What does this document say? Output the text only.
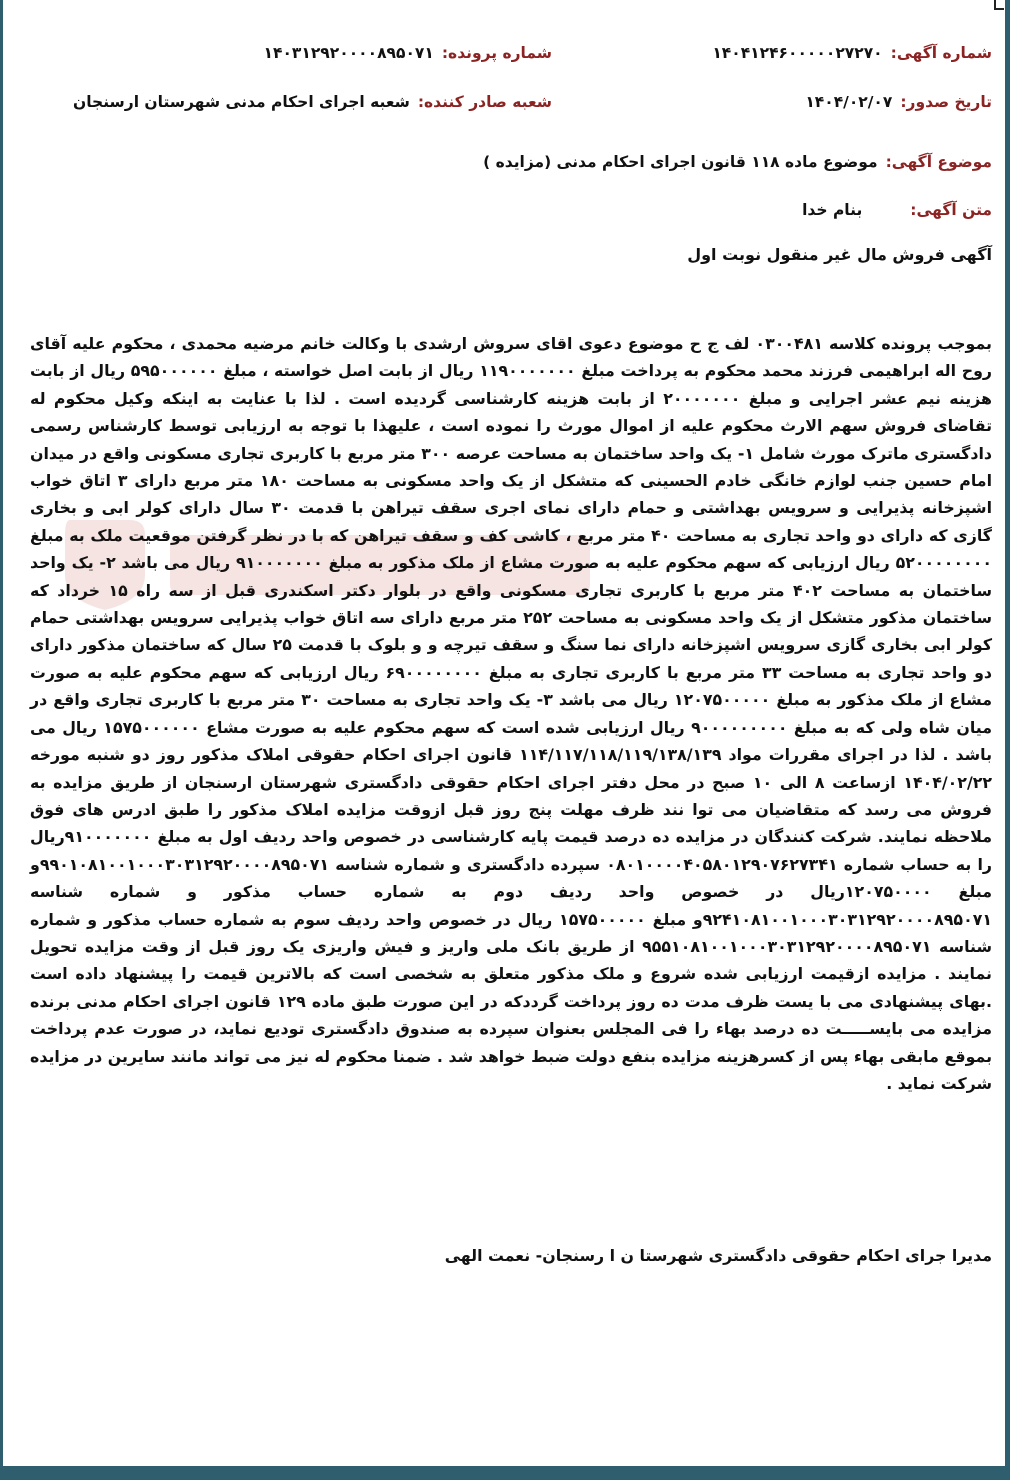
شماره آگهی:
۱۴۰۴۱۲۴۶۰۰۰۰۰۲۷۲۷۰
شماره پرونده:
۱۴۰۳۱۲۹۲۰۰۰۰۸۹۵۰۷۱
تاریخ صدور:
۱۴۰۴/۰۲/۰۷
شعبه صادر کننده:
شعبه اجرای احکام مدنی شهرستان ارسنجان
موضوع آگهی:
موضوع ماده ۱۱۸ قانون اجرای احکام مدنی (مزایده )
متن آگهی:
بنام خدا
آگهی فروش مال غیر منقول نوبت اول
بموجب پرونده کلاسه ۰۳۰۰۴۸۱ لف ج ح موضوع دعوی اقای سروش ارشدی با وکالت خانم مرضیه محمدی ، محکوم علیه آقای روح اله ابراهیمی فرزند محمد محکوم به پرداخت مبلغ ۱۱۹۰۰۰۰۰۰۰ ریال از بابت اصل خواسته ، مبلغ ۵۹۵۰۰۰۰۰۰ ریال از بابت هزینه نیم عشر اجرایی و مبلغ ۲۰۰۰۰۰۰۰ از بابت هزینه کارشناسی گردیده است . لذا با عنایت به اینکه وکیل محکوم له تقاضای فروش سهم الارث محکوم علیه از اموال مورث را نموده است ، علیهذا با توجه به ارزیابی توسط کارشناس رسمی دادگستری ماترک مورث شامل ۱- یک واحد ساختمان به مساحت عرصه ۳۰۰ متر مربع با کاربری تجاری مسکونی واقع در میدان امام حسین جنب لوازم خانگی خادم الحسینی که متشکل از یک واحد مسکونی به مساحت ۱۸۰ متر مربع دارای ۳ اتاق خواب اشپزخانه پذیرایی و سرویس بهداشتی و حمام دارای نمای اجری سقف تیراهن با قدمت ۳۰ سال دارای کولر ابی و بخاری گازی که دارای دو واحد تجاری به مساحت ۴۰ متر مربع ، کاشی کف و سقف تیراهن که با در نظر گرفتن موقعیت ملک به مبلغ ۵۲۰۰۰۰۰۰۰۰ ریال ارزیابی که سهم محکوم علیه به صورت مشاع از ملک مذکور به مبلغ ۹۱۰۰۰۰۰۰۰ ریال می باشد ۲- یک واحد ساختمان به مساحت ۴۰۲ متر مربع با کاربری تجاری مسکونی واقع در بلوار دکتر اسکندری قبل از سه راه ۱۵ خرداد که ساختمان مذکور متشکل از یک واحد مسکونی به مساحت ۲۵۲ متر مربع دارای سه اتاق خواب پذیرایی سرویس بهداشتی حمام کولر ابی بخاری گازی سرویس اشپزخانه دارای نما سنگ و سقف تیرچه و و بلوک با قدمت ۲۵ سال که ساختمان مذکور دارای دو واحد تجاری به مساحت ۳۳ متر مربع با کاربری تجاری به مبلغ ۶۹۰۰۰۰۰۰۰۰ ریال ارزیابی که سهم محکوم علیه به صورت مشاع از ملک مذکور به مبلغ ۱۲۰۷۵۰۰۰۰۰ ریال می باشد ۳- یک واحد تجاری به مساحت ۳۰ متر مربع با کاربری تجاری واقع در میان شاه ولی که به مبلغ ۹۰۰۰۰۰۰۰۰۰ ریال ارزیابی شده است که سهم محکوم علیه به صورت مشاع ۱۵۷۵۰۰۰۰۰۰ ریال می باشد . لذا در اجرای مقررات مواد ۱۱۴/۱۱۷/۱۱۸/۱۱۹/۱۳۸/۱۳۹ قانون اجرای احکام حقوقی املاک مذکور روز دو شنبه مورخه ۱۴۰۴/۰۲/۲۲ ازساعت ۸ الی ۱۰ صبح در محل دفتر اجرای احکام حقوقی دادگستری شهرستان ارسنجان از طریق مزایده به فروش می رسد که متقاضیان می توا نند ظرف مهلت پنج روز قبل ازوقت مزایده املاک مذکور را طبق ادرس های فوق ملاحظه نمایند. شرکت کنندگان در مزایده ده درصد قیمت پایه کارشناسی در خصوص واحد ردیف اول به مبلغ ۹۱۰۰۰۰۰۰۰ریال را به حساب شماره ۰۸۰۱۰۰۰۰۴۰۵۸۰۱۲۹۰۷۶۲۷۳۴۱ سپرده دادگستری و شماره شناسه ۹۹۰۱۰۸۱۰۰۱۰۰۰۳۰۳۱۲۹۲۰۰۰۰۸۹۵۰۷۱و مبلغ ۱۲۰۷۵۰۰۰۰ریال در خصوص واحد ردیف دوم به شماره حساب مذکور و شماره شناسه ۹۲۴۱۰۸۱۰۰۱۰۰۰۳۰۳۱۲۹۲۰۰۰۰۸۹۵۰۷۱و مبلغ ۱۵۷۵۰۰۰۰۰ ریال در خصوص واحد ردیف سوم به شماره حساب مذکور و شماره شناسه ۹۵۵۱۰۸۱۰۰۱۰۰۰۳۰۳۱۲۹۲۰۰۰۰۸۹۵۰۷۱ از طریق بانک ملی واریز و فیش واریزی یک روز قبل از وقت مزایده تحویل نمایند . مزایده ازقیمت ارزیابی شده شروع و ملک مذکور متعلق به شخصی است که بالاترین قیمت را پیشنهاد داده است .بهای پیشنهادی می با یست ظرف مدت ده روز پرداخت گرددکه در این صورت طبق ماده ۱۲۹ قانون اجرای احکام مدنی برنده مزایده می بایســـــت ده درصد بهاء را فی المجلس بعنوان سپرده به صندوق دادگستری توديع نماید، در صورت عدم پرداخت بموقع مابقی بهاء پس از کسرهزینه مزایده بنفع دولت ضبط خواهد شد . ضمنا محکوم له نیز می تواند مانند سایرین در مزایده شرکت نماید .
مدیرا جرای احکام حقوقی دادگستری شهرستا ن ا رسنجان- نعمت الهی
